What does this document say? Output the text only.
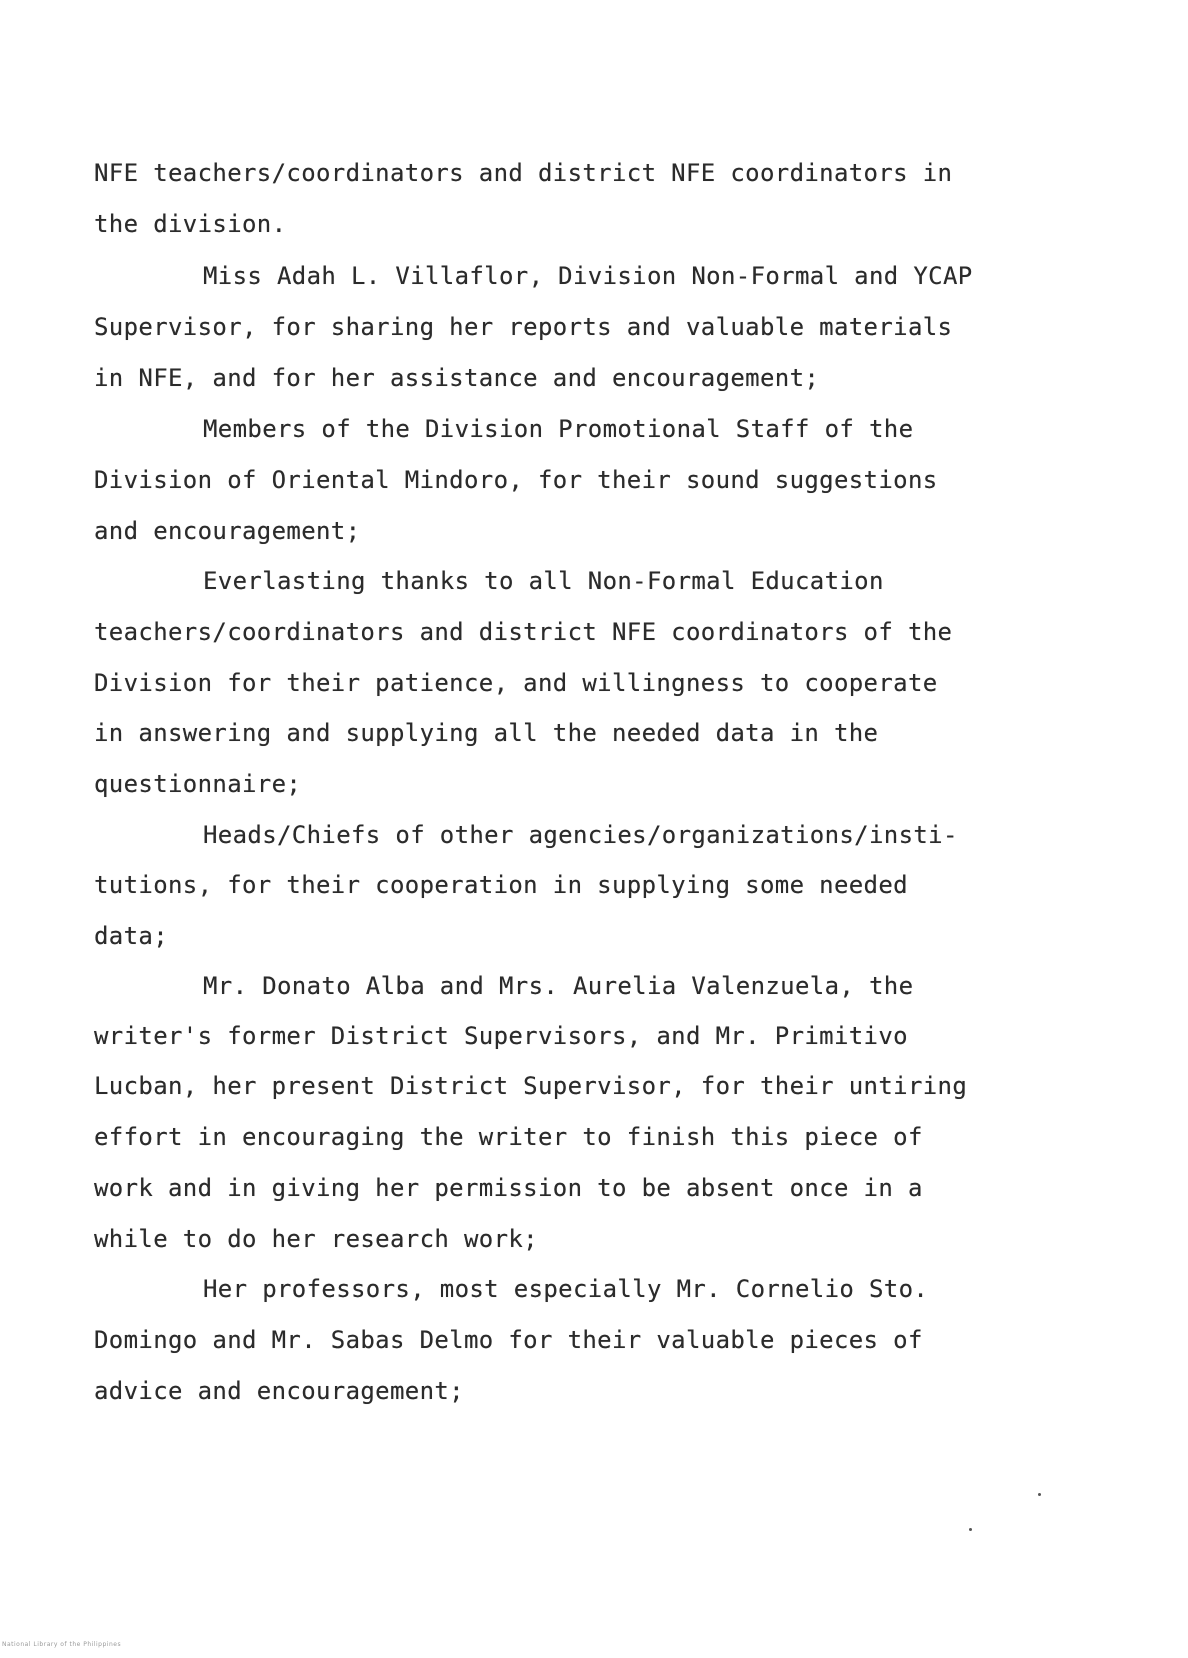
NFE teachers/coordinators and district NFE coordinators in
the division.
Miss Adah L. Villaflor, Division Non-Formal and YCAP
Supervisor, for sharing her reports and valuable materials
in NFE, and for her assistance and encouragement;
Members of the Division Promotional Staff of the
Division of Oriental Mindoro, for their sound suggestions
and encouragement;
Everlasting thanks to all Non-Formal Education
teachers/coordinators and district NFE coordinators of the
Division for their patience, and willingness to cooperate
in answering and supplying all the needed data in the
questionnaire;
Heads/Chiefs of other agencies/organizations/insti-
tutions, for their cooperation in supplying some needed
data;
Mr. Donato Alba and Mrs. Aurelia Valenzuela, the
writer's former District Supervisors, and Mr. Primitivo
Lucban, her present District Supervisor, for their untiring
effort in encouraging the writer to finish this piece of
work and in giving her permission to be absent once in a
while to do her research work;
Her professors, most especially Mr. Cornelio Sto.
Domingo and Mr. Sabas Delmo for their valuable pieces of
advice and encouragement;
National Library of the Philippines
